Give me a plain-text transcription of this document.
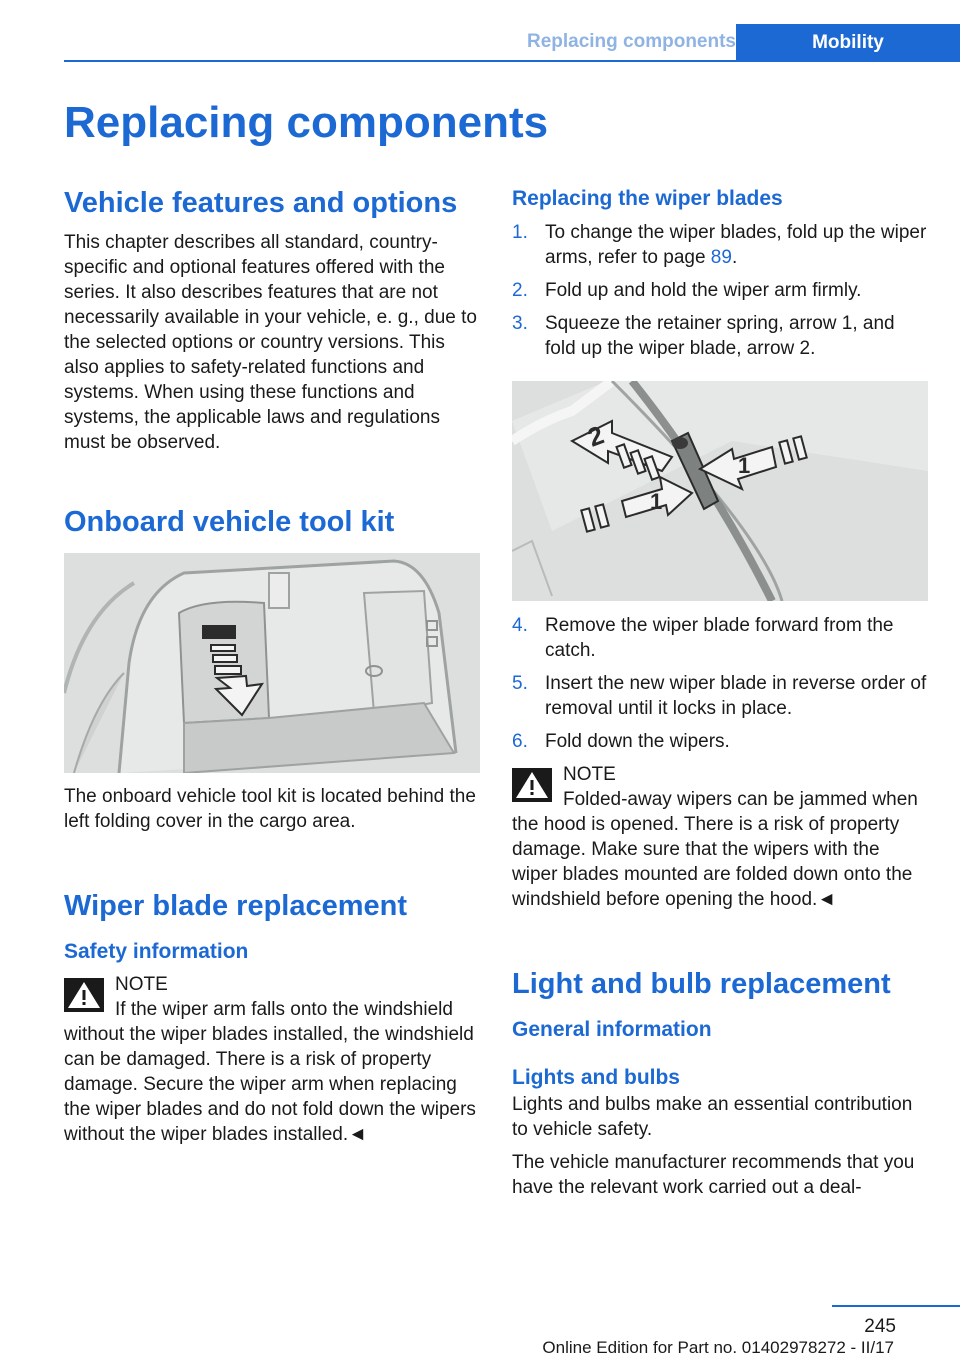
Replacing components	Mobility
Replacing components
Vehicle features and options

This chapter describes all standard, country-specific and optional features offered with the series. It also describes features that are not necessarily available in your vehicle, e. g., due to the selected options or country versions. This also applies to safety-related functions and systems. When using these functions and systems, the applicable laws and regulations must be observed.

Onboard vehicle tool kit

The onboard vehicle tool kit is located behind the left folding cover in the cargo area.

Wiper blade replacement
Safety information
NOTE

If the wiper arm falls onto the windshield without the wiper blades installed, the windshield can be damaged. There is a risk of property damage. Secure the wiper arm when replacing the wiper blades and do not fold down the wipers without the wiper blades installed.◄

Replacing the wiper blades
1. To change the wiper blades, fold up the wiper arms, refer to page 89.
2. Fold up and hold the wiper arm firmly.
3. Squeeze the retainer spring, arrow 1, and fold up the wiper blade, arrow 2.
2
1
1
4. Remove the wiper blade forward from the catch.
5. Insert the new wiper blade in reverse order of removal until it locks in place.
6. Fold down the wipers.
NOTE

Folded-away wipers can be jammed when the hood is opened. There is a risk of property damage. Make sure that the wipers with the wiper blades mounted are folded down onto the windshield before opening the hood.◄

Light and bulb replacement
General information
Lights and bulbs

Lights and bulbs make an essential contribution to vehicle safety.

The vehicle manufacturer recommends that you have the relevant work carried out a deal-

245
Online Edition for Part no. 01402978272 - II/17
